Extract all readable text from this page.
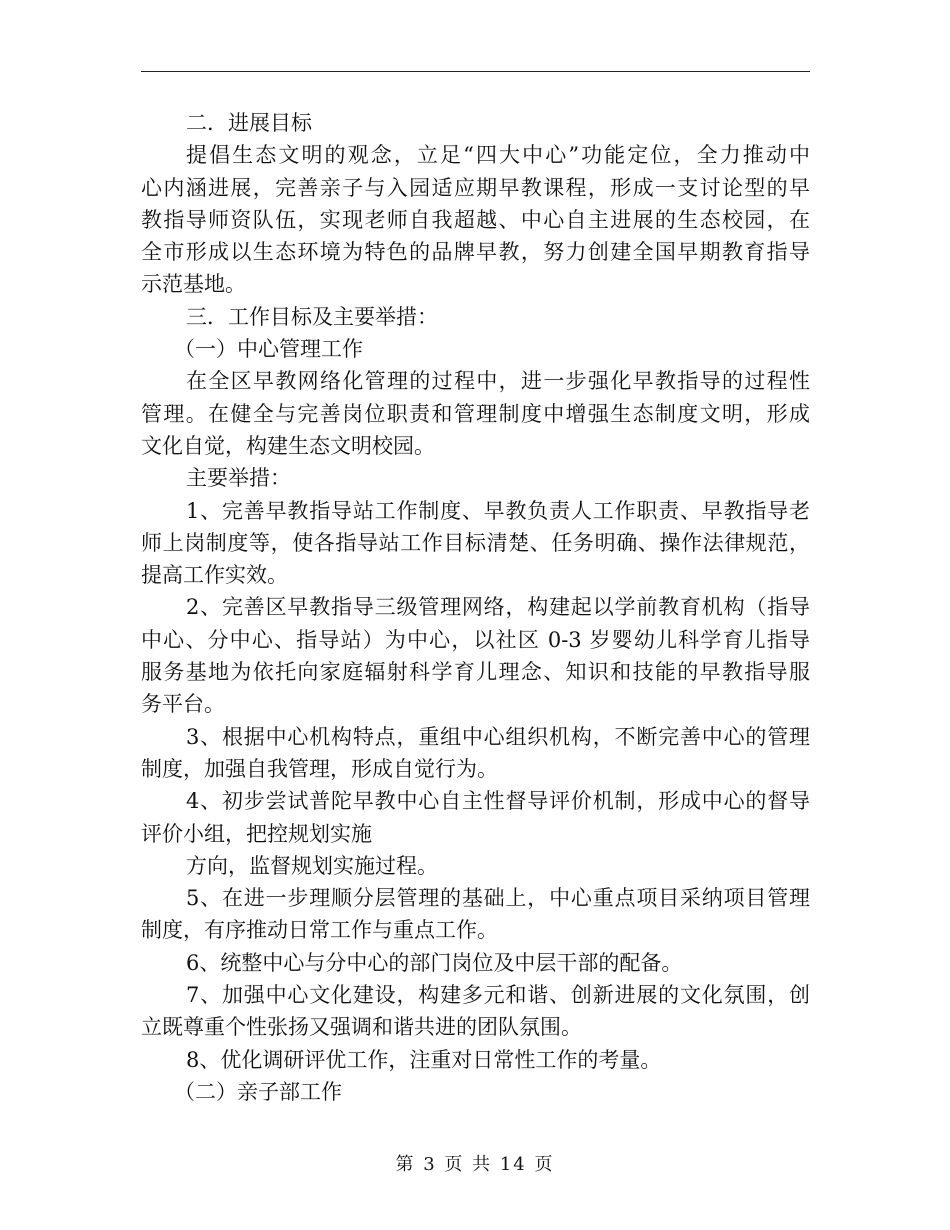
二．进展目标
提倡生态文明的观念，立足“四大中心”功能定位，全力推动中
心内涵进展，完善亲子与入园适应期早教课程，形成一支讨论型的早
教指导师资队伍，实现老师自我超越、中心自主进展的生态校园，在
全市形成以生态环境为特色的品牌早教，努力创建全国早期教育指导
示范基地。
三．工作目标及主要举措：
（一）中心管理工作
在全区早教网络化管理的过程中，进一步强化早教指导的过程性
管理。在健全与完善岗位职责和管理制度中增强生态制度文明，形成
文化自觉，构建生态文明校园。
主要举措：
1、完善早教指导站工作制度、早教负责人工作职责、早教指导老
师上岗制度等，使各指导站工作目标清楚、任务明确、操作法律规范，
提高工作实效。
2、完善区早教指导三级管理网络，构建起以学前教育机构（指导
中心、分中心、指导站）为中心，以社区 0-3 岁婴幼儿科学育儿指导
服务基地为依托向家庭辐射科学育儿理念、知识和技能的早教指导服
务平台。
3、根据中心机构特点，重组中心组织机构，不断完善中心的管理
制度，加强自我管理，形成自觉行为。
4、初步尝试普陀早教中心自主性督导评价机制，形成中心的督导
评价小组，把控规划实施
方向，监督规划实施过程。
5、在进一步理顺分层管理的基础上，中心重点项目采纳项目管理
制度，有序推动日常工作与重点工作。
6、统整中心与分中心的部门岗位及中层干部的配备。
7、加强中心文化建设，构建多元和谐、创新进展的文化氛围，创
立既尊重个性张扬又强调和谐共进的团队氛围。
8、优化调研评优工作，注重对日常性工作的考量。
（二）亲子部工作
第 3 页 共 14 页
